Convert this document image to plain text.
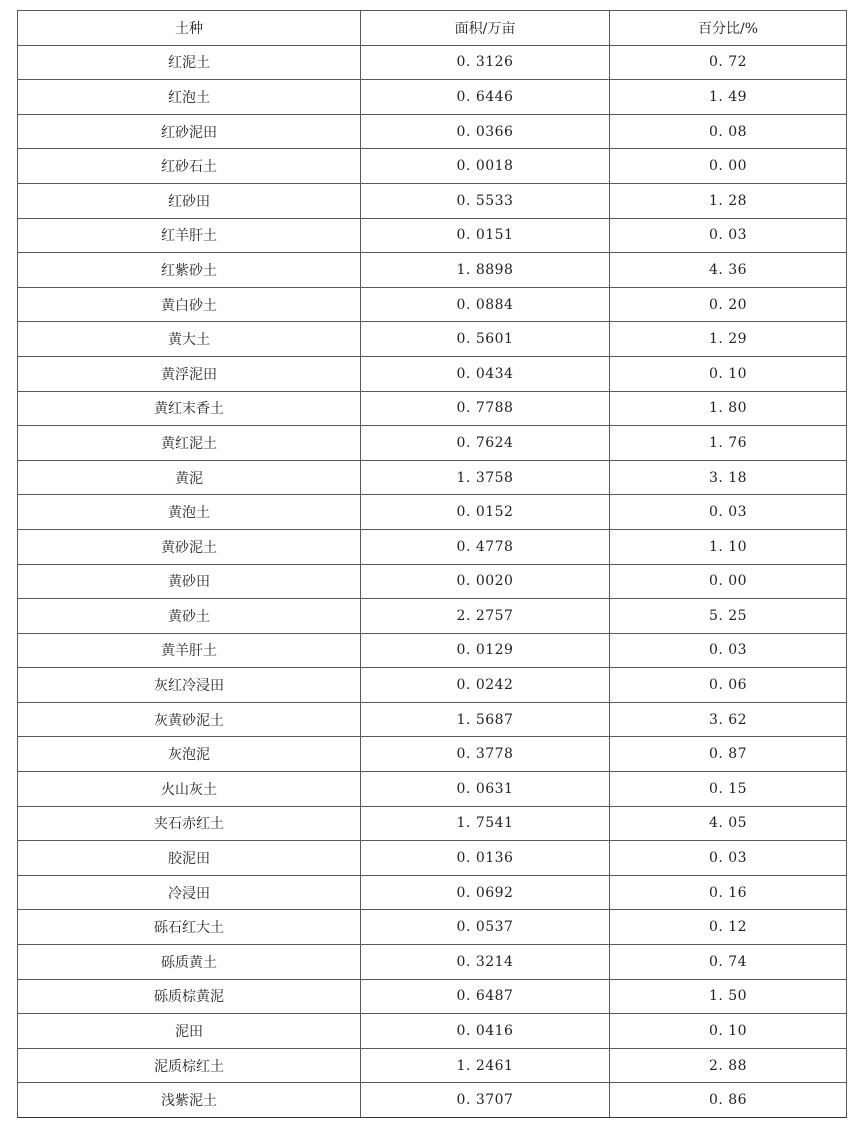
土种	面积/万亩	百分比/%
红泥土	0. 3126	0. 72
红泡土	0. 6446	1. 49
红砂泥田	0. 0366	0. 08
红砂石土	0. 0018	0. 00
红砂田	0. 5533	1. 28
红羊肝土	0. 0151	0. 03
红紫砂土	1. 8898	4. 36
黄白砂土	0. 0884	0. 20
黄大土	0. 5601	1. 29
黄浮泥田	0. 0434	0. 10
黄红末香土	0. 7788	1. 80
黄红泥土	0. 7624	1. 76
黄泥	1. 3758	3. 18
黄泡土	0. 0152	0. 03
黄砂泥土	0. 4778	1. 10
黄砂田	0. 0020	0. 00
黄砂土	2. 2757	5. 25
黄羊肝土	0. 0129	0. 03
灰红冷浸田	0. 0242	0. 06
灰黄砂泥土	1. 5687	3. 62
灰泡泥	0. 3778	0. 87
火山灰土	0. 0631	0. 15
夹石赤红土	1. 7541	4. 05
胶泥田	0. 0136	0. 03
冷浸田	0. 0692	0. 16
砾石红大土	0. 0537	0. 12
砾质黄土	0. 3214	0. 74
砾质棕黄泥	0. 6487	1. 50
泥田	0. 0416	0. 10
泥质棕红土	1. 2461	2. 88
浅紫泥土	0. 3707	0. 86
